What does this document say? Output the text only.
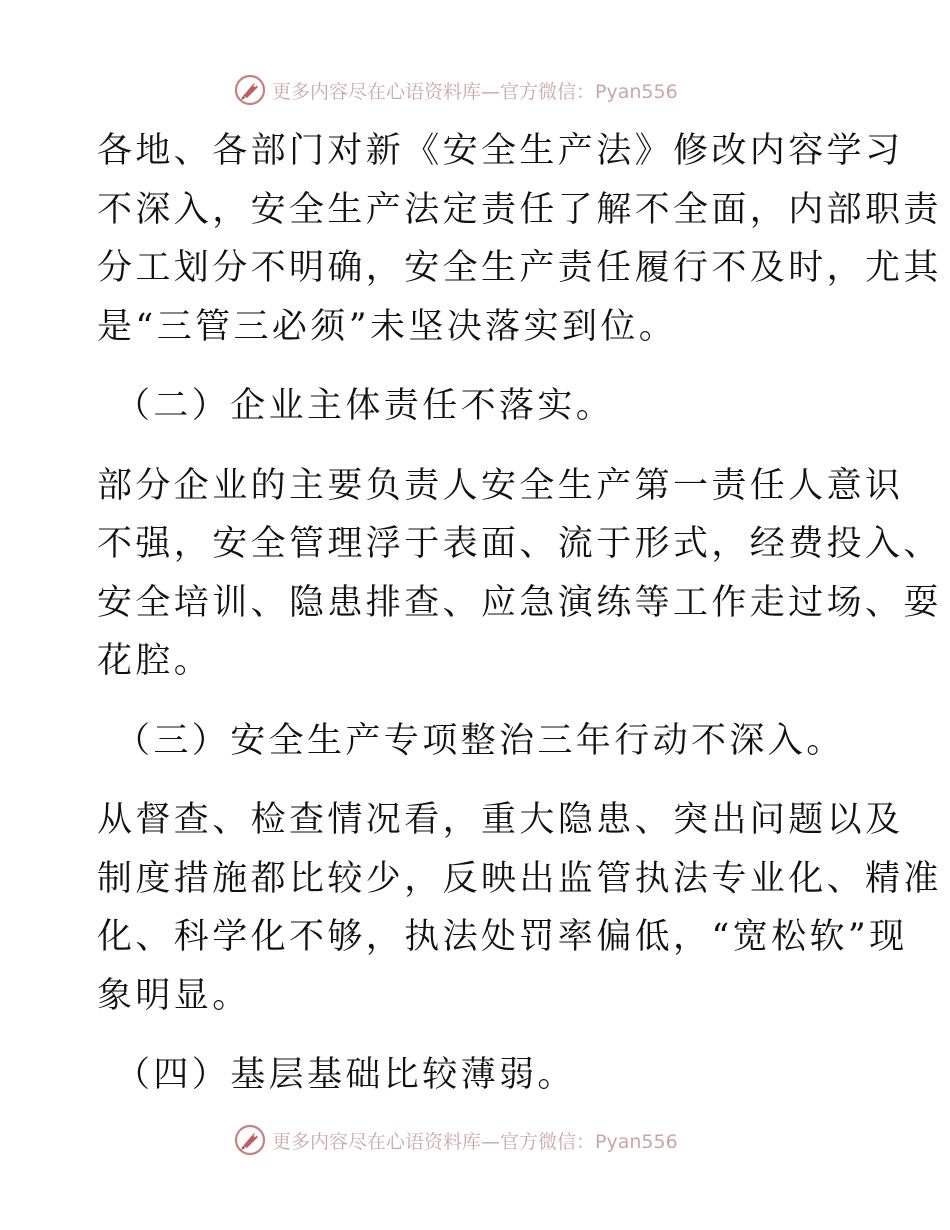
更多内容尽在心语资料库—官方微信：Pyan556
各地、各部门对新《安全生产法》修改内容学习
不深入，安全生产法定责任了解不全面，内部职责
分工划分不明确，安全生产责任履行不及时，尤其
是“三管三必须”未坚决落实到位。
（二）企业主体责任不落实。
部分企业的主要负责人安全生产第一责任人意识
不强，安全管理浮于表面、流于形式，经费投入、
安全培训、隐患排查、应急演练等工作走过场、耍
花腔。
（三）安全生产专项整治三年行动不深入。
从督查、检查情况看，重大隐患、突出问题以及
制度措施都比较少，反映出监管执法专业化、精准
化、科学化不够，执法处罚率偏低，“宽松软”现
象明显。
（四）基层基础比较薄弱。
更多内容尽在心语资料库—官方微信：Pyan556
